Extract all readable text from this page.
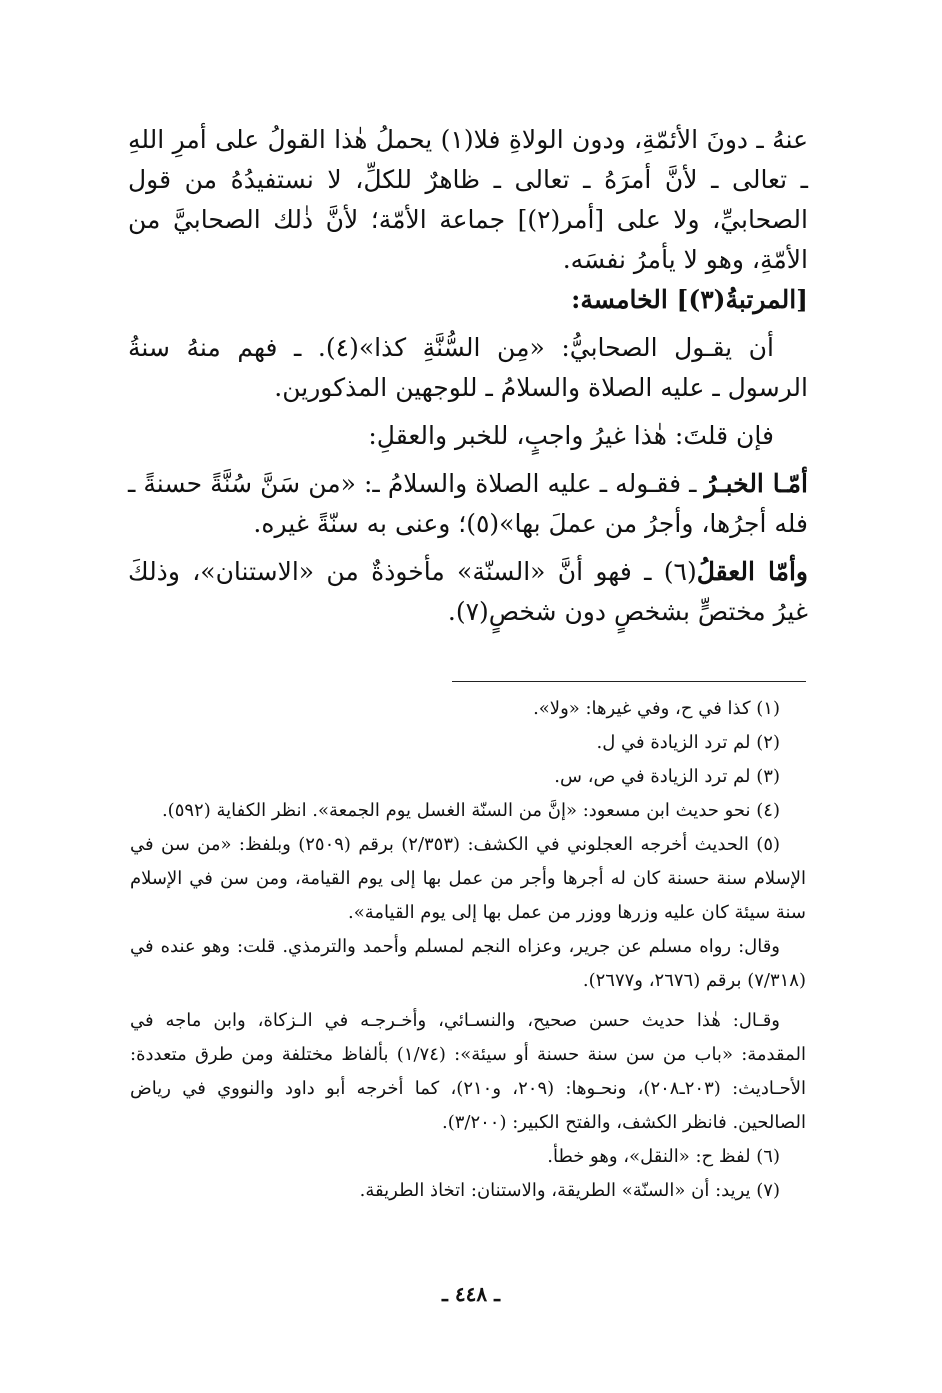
عنهُ ـ دونَ الأئمّةِ، ودون الولاةِ فلا(١) يحملُ هٰذا القولُ على أمرِ اللهِ ـ تعالى ـ لأنَّ أمرَهُ ـ تعالى ـ ظاهرٌ للكلِّ، لا نستفيدُهُ من قول الصحابيِّ، ولا على [أمر(٢)] جماعة الأمّة؛ لأنَّ ذٰلك الصحابيَّ من الأمّةِ، وهو لا يأمرُ نفسَه.

[المرتبةُ(٣)] الخامسة:

أن يقـول الصحابيُّ: «مِن السُّنَّةِ كذا»(٤). ـ فهم منهُ سنةُ الرسول ـ عليه الصلاة والسلامُ ـ للوجهين المذكورين.

فإن قلتَ: هٰذا غيرُ واجبٍ، للخبر والعقلِ:

أمّـا الخبـرُ ـ فقـوله ـ عليه الصلاة والسلامُ ـ: «من سَنَّ سُنَّةً حسنةً ـ فله أجرُها، وأجرُ من عملَ بها»(٥)؛ وعنى به سنّةً غيره.

وأمّا العقلُ(٦) ـ فهو أنَّ «السنّة» مأخوذةٌ من «الاستنان»، وذلكَ غيرُ مختصٍّ بشخصٍ دون شخصٍ(٧).

(١) كذا في ح، وفي غيرها: «ولا».

(٢) لم ترد الزيادة في ل.

(٣) لم ترد الزيادة في ص، س.

(٤) نحو حديث ابن مسعود: «إنَّ من السنّة الغسل يوم الجمعة». انظر الكفاية (٥٩٢).

(٥) الحديث أخرجه العجلوني في الكشف: (٢/٣٥٣) برقم (٢٥٠٩) وبلفظ: «من سن في الإسلام سنة حسنة كان له أجرها وأجر من عمل بها إلى يوم القيامة، ومن سن في الإسلام سنة سيئة كان عليه وزرها ووزر من عمل بها إلى يوم القيامة».

وقال: رواه مسلم عن جرير، وعزاه النجم لمسلم وأحمد والترمذي. قلت: وهو عنده في (٧/٣١٨) برقم (٢٦٧٦، و٢٦٧٧).

وقـال: هٰذا حديث حسن صحيح، والنسـائي، وأخـرجـه في الـزكاة، وابن ماجه في المقدمة: «باب من سن سنة حسنة أو سيئة»: (١/٧٤) بألفاظ مختلفة ومن طرق متعددة: الأحـاديث: (٢٠٣ـ٢٠٨)، ونحـوها: (٢٠٩، و٢١٠)، كما أخرجه أبو داود والنووي في رياض الصالحين. فانظر الكشف، والفتح الكبير: (٣/٢٠٠).

(٦) لفظ ح: «النقل»، وهو خطأ.

(٧) يريد: أن «السنّة» الطريقة، والاستنان: اتخاذ الطريقة.

ـ ٤٤٨ ـ
